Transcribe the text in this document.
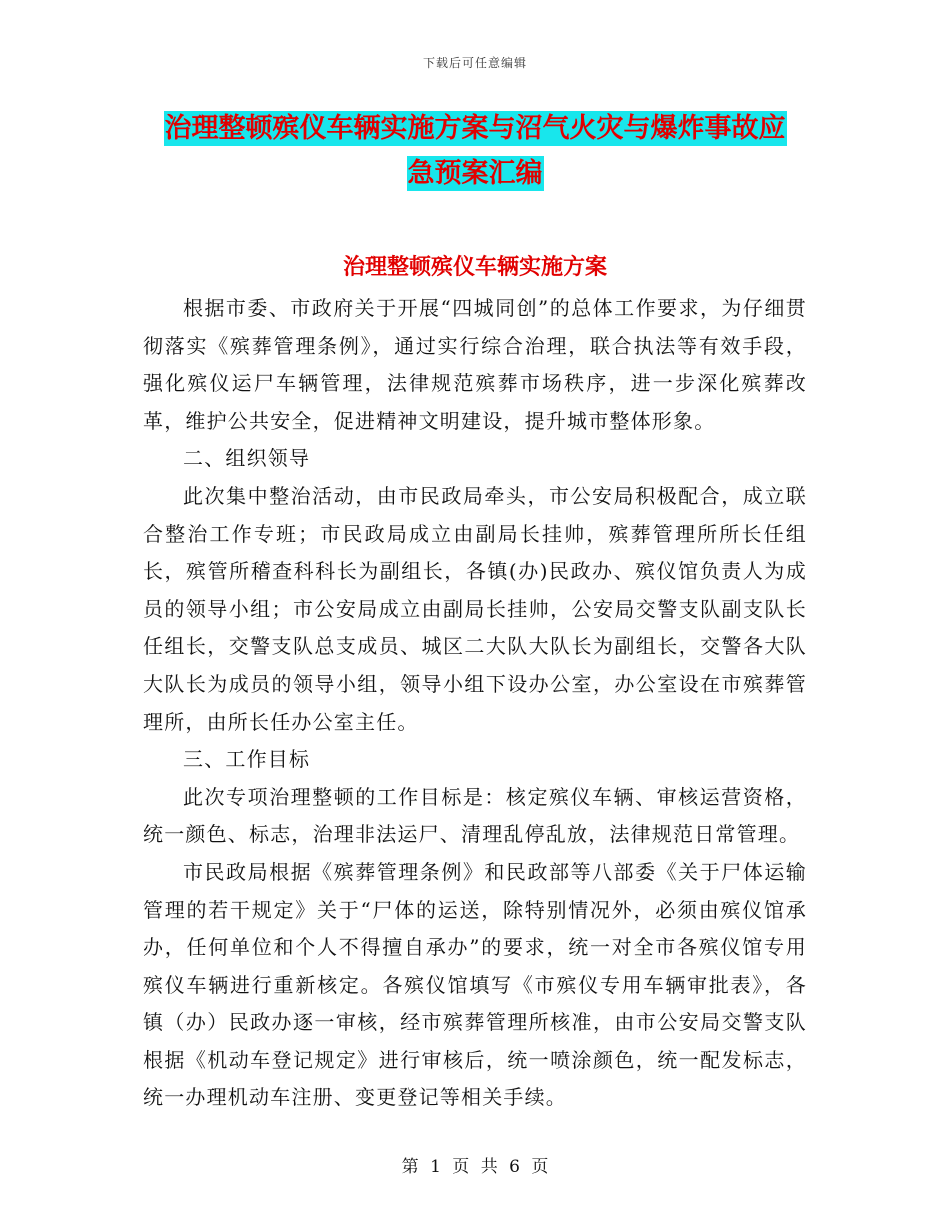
下载后可任意编辑
治理整顿殡仪车辆实施方案与沼气火灾与爆炸事故应
急预案汇编
治理整顿殡仪车辆实施方案

根据市委、市政府关于开展“四城同创”的总体工作要求，为仔细贯彻落实《殡葬管理条例》，通过实行综合治理，联合执法等有效手段，强化殡仪运尸车辆管理，法律规范殡葬市场秩序，进一步深化殡葬改革，维护公共安全，促进精神文明建设，提升城市整体形象。

二、组织领导

此次集中整治活动，由市民政局牵头，市公安局积极配合，成立联合整治工作专班；市民政局成立由副局长挂帅，殡葬管理所所长任组长，殡管所稽查科科长为副组长，各镇(办)民政办、殡仪馆负责人为成员的领导小组；市公安局成立由副局长挂帅，公安局交警支队副支队长任组长，交警支队总支成员、城区二大队大队长为副组长，交警各大队大队长为成员的领导小组，领导小组下设办公室，办公室设在市殡葬管理所，由所长任办公室主任。

三、工作目标

此次专项治理整顿的工作目标是：核定殡仪车辆、审核运营资格，统一颜色、标志，治理非法运尸、清理乱停乱放，法律规范日常管理。

市民政局根据《殡葬管理条例》和民政部等八部委《关于尸体运输管理的若干规定》关于“尸体的运送，除特别情况外，必须由殡仪馆承办，任何单位和个人不得擅自承办”的要求，统一对全市各殡仪馆专用殡仪车辆进行重新核定。各殡仪馆填写《市殡仪专用车辆审批表》，各镇（办）民政办逐一审核，经市殡葬管理所核准，由市公安局交警支队根据《机动车登记规定》进行审核后，统一喷涂颜色，统一配发标志，统一办理机动车注册、变更登记等相关手续。

第 1 页 共 6 页
